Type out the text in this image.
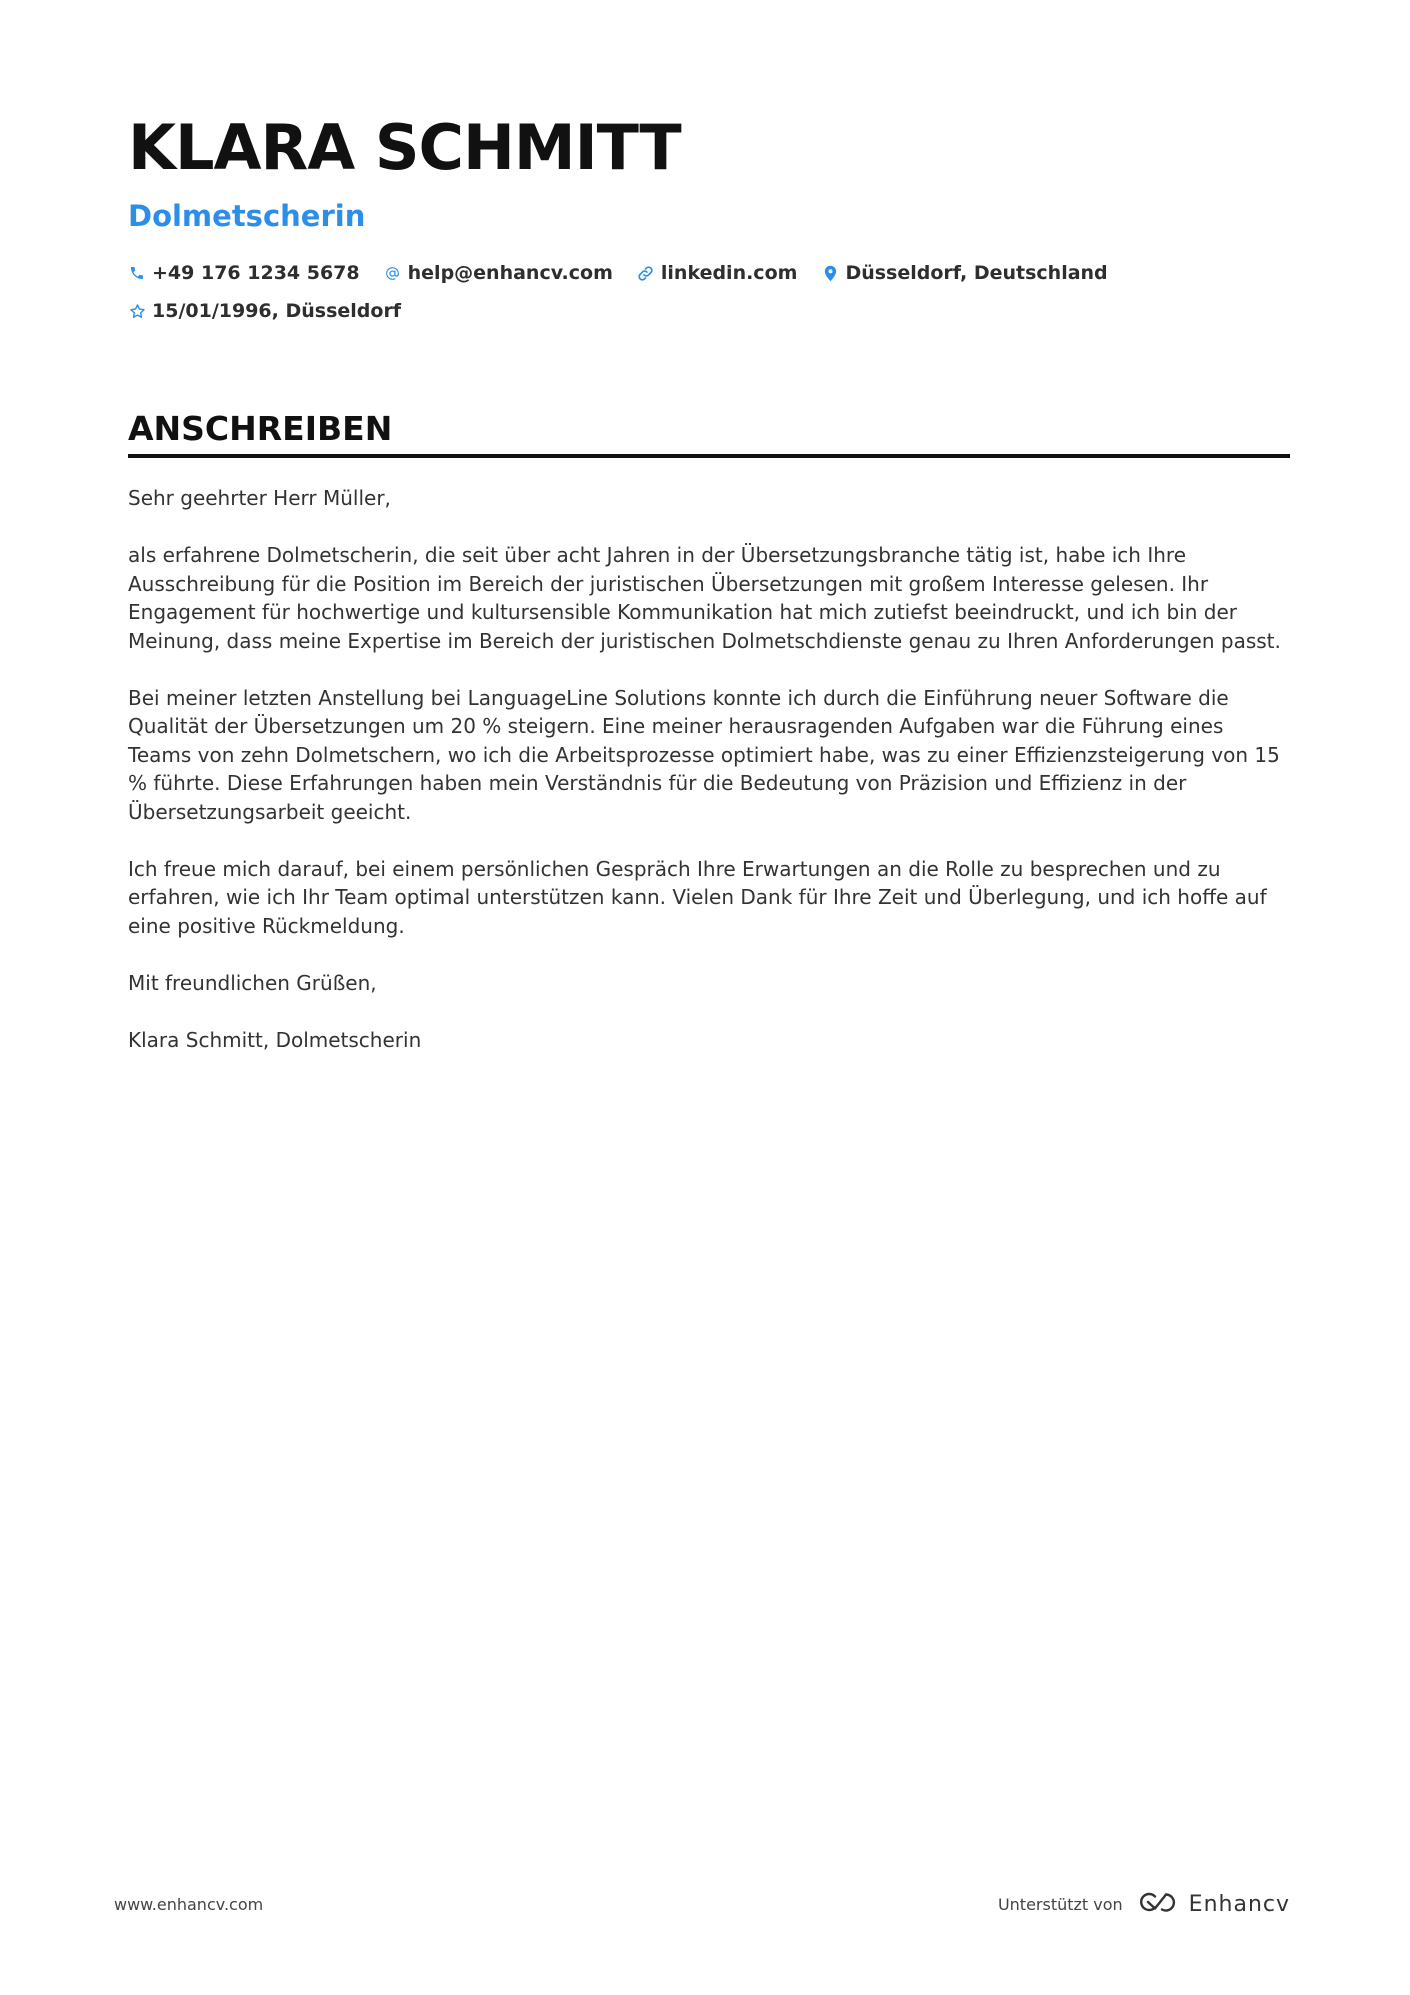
KLARA SCHMITT
Dolmetscherin
+49 176 1234 5678	help@enhancv.com	linkedin.com	Düsseldorf, Deutschland
15/01/1996, Düsseldorf
ANSCHREIBEN

Sehr geehrter Herr Müller,

als erfahrene Dolmetscherin, die seit über acht Jahren in der Übersetzungsbranche tätig ist, habe ich Ihre Ausschreibung für die Position im Bereich der juristischen Übersetzungen mit großem Interesse gelesen. Ihr Engagement für hochwertige und kultursensible Kommunikation hat mich zutiefst beeindruckt, und ich bin der Meinung, dass meine Expertise im Bereich der juristischen Dolmetschdienste genau zu Ihren Anforderungen passt.

Bei meiner letzten Anstellung bei LanguageLine Solutions konnte ich durch die Einführung neuer Software die Qualität der Übersetzungen um 20 % steigern. Eine meiner herausragenden Aufgaben war die Führung eines Teams von zehn Dolmetschern, wo ich die Arbeitsprozesse optimiert habe, was zu einer Effizienzsteigerung von 15 % führte. Diese Erfahrungen haben mein Verständnis für die Bedeutung von Präzision und Effizienz in der Übersetzungsarbeit geeicht.

Ich freue mich darauf, bei einem persönlichen Gespräch Ihre Erwartungen an die Rolle zu besprechen und zu erfahren, wie ich Ihr Team optimal unterstützen kann. Vielen Dank für Ihre Zeit und Überlegung, und ich hoffe auf eine positive Rückmeldung.

Mit freundlichen Grüßen,

Klara Schmitt, Dolmetscherin

www.enhancv.com	Unterstützt von	Enhancv
